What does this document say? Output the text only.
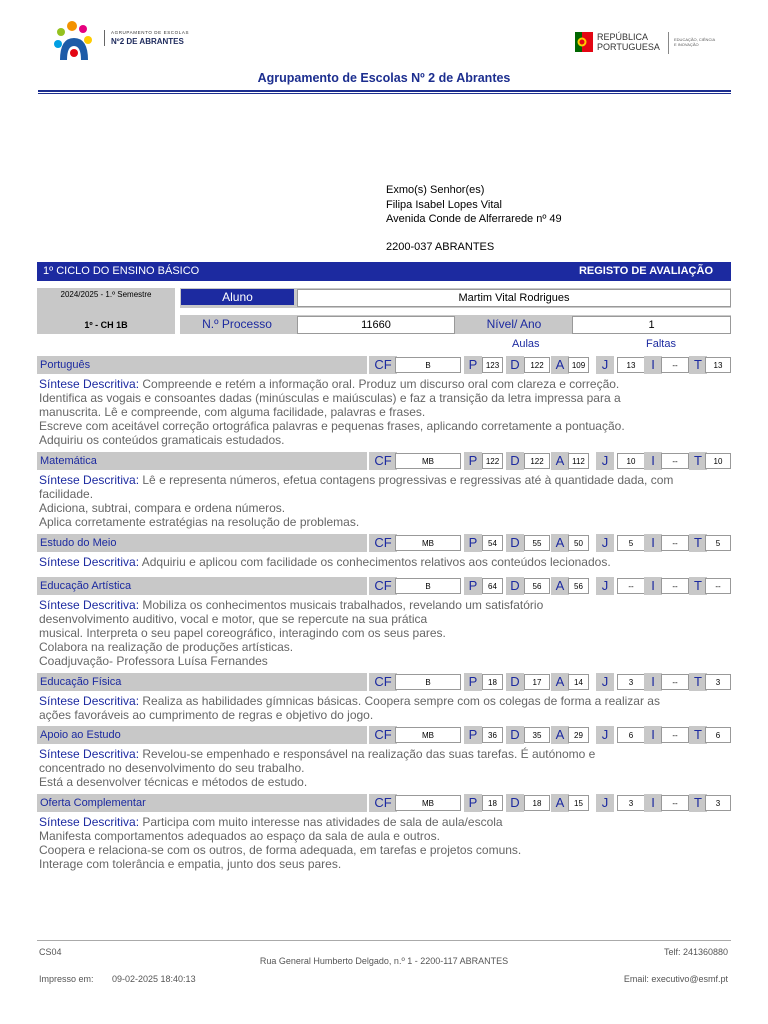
AGRUPAMENTO DE ESCOLAS
Nº2 DE ABRANTES	REPÚBLICA
PORTUGUESA
EDUCAÇÃO, CIÊNCIA
E INOVAÇÃO
Agrupamento de Escolas Nº 2 de Abrantes
Exmo(s) Senhor(es)
Filipa Isabel Lopes Vital
Avenida Conde de Alferrarede nº 49
2200-037 ABRANTES
1º CICLO DO ENSINO BÁSICO	REGISTO DE AVALIAÇÃO
2024/2025 - 1.º Semestre
1º - CH 1B
Aluno	Martim Vital Rodrigues
N.º Processo	11660	Nível/ Ano	1
Aulas	Faltas
Português	CF	B	P	123 D	122 A 109	J	13	I	--	T	13
Síntese Descritiva: Compreende e retém a informação oral. Produz um discurso oral com clareza e correção.
Identifica as vogais e consoantes dadas (minúsculas e maiúsculas) e faz a transição da letra impressa para a
manuscrita. Lê e compreende, com alguma facilidade, palavras e frases.
Escreve com aceitável correção ortográfica palavras e pequenas frases, aplicando corretamente a pontuação.
Adquiriu os conteúdos gramaticais estudados.
Matemática	CF	MB	P	122 D	122 A 112	J	10	I	--	T	10
Síntese Descritiva: Lê e representa números, efetua contagens progressivas e regressivas até à quantidade dada, com
facilidade.
Adiciona, subtrai, compara e ordena números.
Aplica corretamente estratégias na resolução de problemas.
Estudo do Meio	CF	MB	P	54	D	55	A	50	J	5	I	--	T	5
Síntese Descritiva: Adquiriu e aplicou com facilidade os conhecimentos relativos aos conteúdos lecionados.
Educação Artística	CF	B	P	64	D	56	A	56	J	--	I	--	T	--
Síntese Descritiva: Mobiliza os conhecimentos musicais trabalhados, revelando um satisfatório
desenvolvimento auditivo, vocal e motor, que se repercute na sua prática
musical. Interpreta o seu papel coreográfico, interagindo com os seus pares.
Colabora na realização de produções artísticas.
Coadjuvação- Professora Luísa Fernandes
Educação Física	CF	B	P	18	D	17	A	14	J	3	I	--	T	3
Síntese Descritiva: Realiza as habilidades gímnicas básicas. Coopera sempre com os colegas de forma a realizar as
ações favoráveis ao cumprimento de regras e objetivo do jogo.
Apoio ao Estudo	CF	MB	P	36	D	35	A	29	J	6	I	--	T	6
Síntese Descritiva: Revelou-se empenhado e responsável na realização das suas tarefas. É autónomo e
concentrado no desenvolvimento do seu trabalho.
Está a desenvolver técnicas e métodos de estudo.
Oferta Complementar	CF	MB	P	18	D	18	A	15	J	3	I	--	T	3
Síntese Descritiva: Participa com muito interesse nas atividades de sala de aula/escola
Manifesta comportamentos adequados ao espaço da sala de aula e outros.
Coopera e relaciona-se com os outros, de forma adequada, em tarefas e projetos comuns.
Interage com tolerância e empatia, junto dos seus pares.
CS04
Rua General Humberto Delgado, n.º 1 - 2200-117 ABRANTES
Telf: 241360880
Impresso em: 09-02-2025 18:40:13	Email: executivo@esmf.pt
